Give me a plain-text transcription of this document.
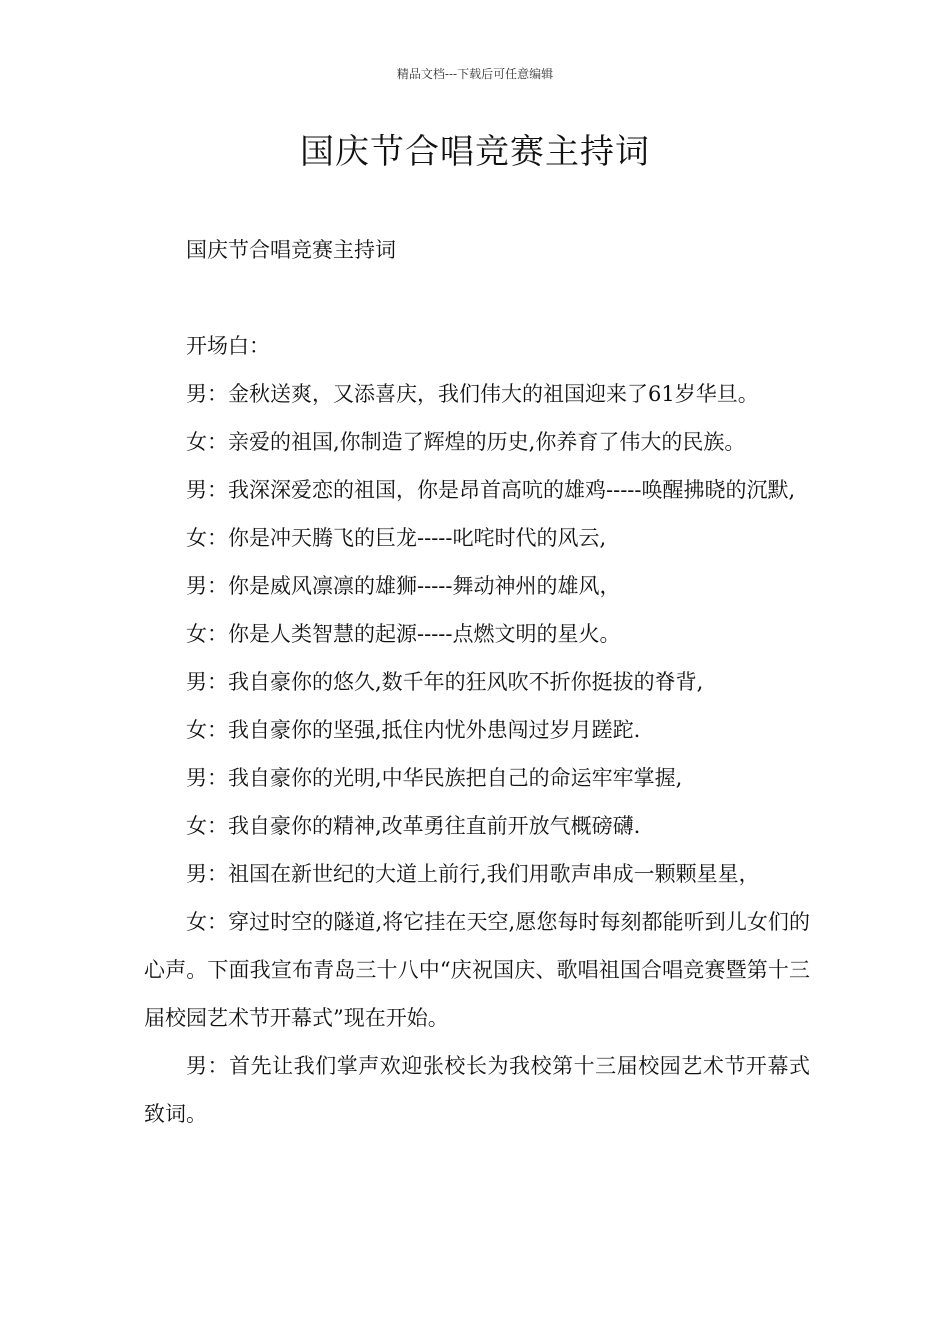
精品文档---下载后可任意编辑
国庆节合唱竞赛主持词

国庆节合唱竞赛主持词

开场白：

男：金秋送爽，又添喜庆，我们伟大的祖国迎来了61岁华旦。

女：亲爱的祖国,你制造了辉煌的历史,你养育了伟大的民族。

男：我深深爱恋的祖国，你是昂首高吭的雄鸡-----唤醒拂晓的沉默,

女：你是冲天腾飞的巨龙-----叱咤时代的风云,

男：你是威风凛凛的雄狮-----舞动神州的雄风，

女：你是人类智慧的起源-----点燃文明的星火。

男：我自豪你的悠久,数千年的狂风吹不折你挺拔的脊背,

女：我自豪你的坚强,抵住内忧外患闯过岁月蹉跎.

男：我自豪你的光明,中华民族把自己的命运牢牢掌握,

女：我自豪你的精神,改革勇往直前开放气概磅礴.

男：祖国在新世纪的大道上前行,我们用歌声串成一颗颗星星，

女：穿过时空的隧道,将它挂在天空,愿您每时每刻都能听到儿女们的心声。下面我宣布青岛三十八中“庆祝国庆、歌唱祖国合唱竞赛暨第十三届校园艺术节开幕式”现在开始。

男：首先让我们掌声欢迎张校长为我校第十三届校园艺术节开幕式致词。
